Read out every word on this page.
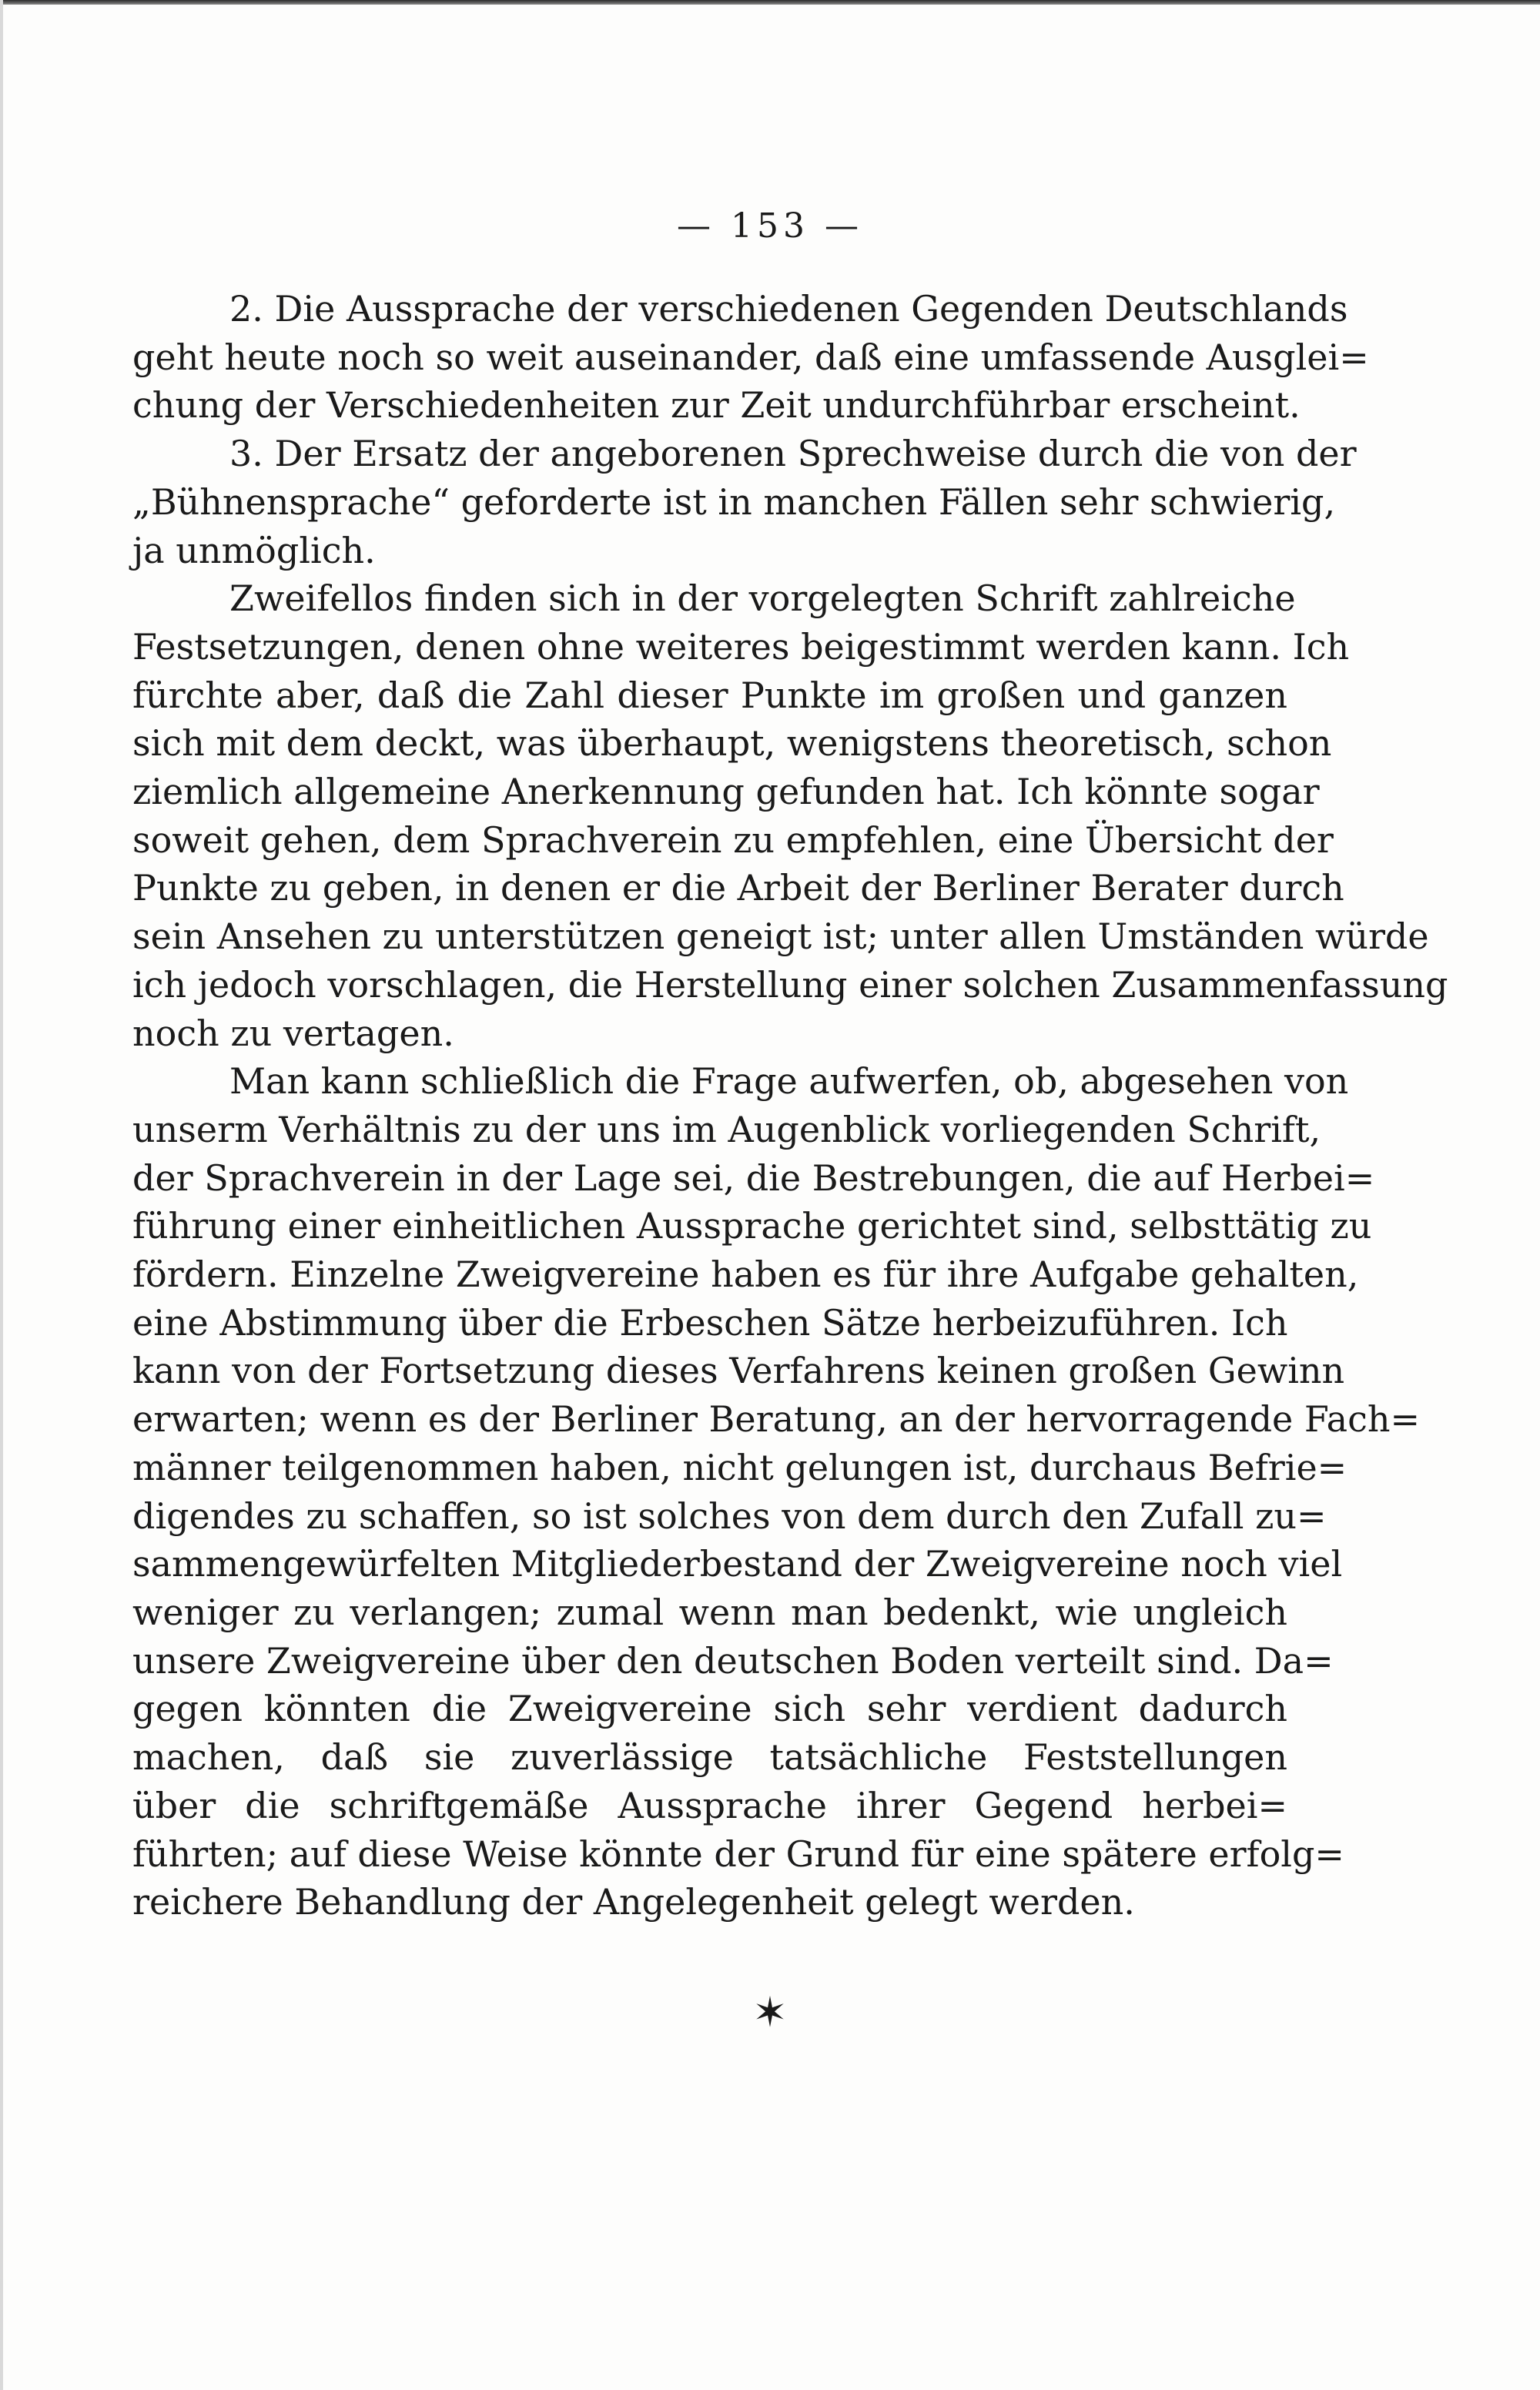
— 153 —
2. Die Aussprache der verschiedenen Gegenden Deutschlands
geht heute noch so weit auseinander, daß eine umfassende Ausglei=
chung der Verschiedenheiten zur Zeit undurchführbar erscheint.
3. Der Ersatz der angeborenen Sprechweise durch die von der
„Bühnensprache“ geforderte ist in manchen Fällen sehr schwierig,
ja unmöglich.
Zweifellos finden sich in der vorgelegten Schrift zahlreiche
Festsetzungen, denen ohne weiteres beigestimmt werden kann. Ich
fürchte aber, daß die Zahl dieser Punkte im großen und ganzen
sich mit dem deckt, was überhaupt, wenigstens theoretisch, schon
ziemlich allgemeine Anerkennung gefunden hat. Ich könnte sogar
soweit gehen, dem Sprachverein zu empfehlen, eine Übersicht der
Punkte zu geben, in denen er die Arbeit der Berliner Berater durch
sein Ansehen zu unterstützen geneigt ist; unter allen Umständen würde
ich jedoch vorschlagen, die Herstellung einer solchen Zusammenfassung
noch zu vertagen.
Man kann schließlich die Frage aufwerfen, ob, abgesehen von
unserm Verhältnis zu der uns im Augenblick vorliegenden Schrift,
der Sprachverein in der Lage sei, die Bestrebungen, die auf Herbei=
führung einer einheitlichen Aussprache gerichtet sind, selbsttätig zu
fördern. Einzelne Zweigvereine haben es für ihre Aufgabe gehalten,
eine Abstimmung über die Erbeschen Sätze herbeizuführen. Ich
kann von der Fortsetzung dieses Verfahrens keinen großen Gewinn
erwarten; wenn es der Berliner Beratung, an der hervorragende Fach=
männer teilgenommen haben, nicht gelungen ist, durchaus Befrie=
digendes zu schaffen, so ist solches von dem durch den Zufall zu=
sammengewürfelten Mitgliederbestand der Zweigvereine noch viel
weniger zu verlangen; zumal wenn man bedenkt, wie ungleich
unsere Zweigvereine über den deutschen Boden verteilt sind. Da=
gegen könnten die Zweigvereine sich sehr verdient dadurch
machen, daß sie zuverlässige tatsächliche Feststellungen
über die schriftgemäße Aussprache ihrer Gegend herbei=
führten; auf diese Weise könnte der Grund für eine spätere erfolg=
reichere Behandlung der Angelegenheit gelegt werden.
✶
